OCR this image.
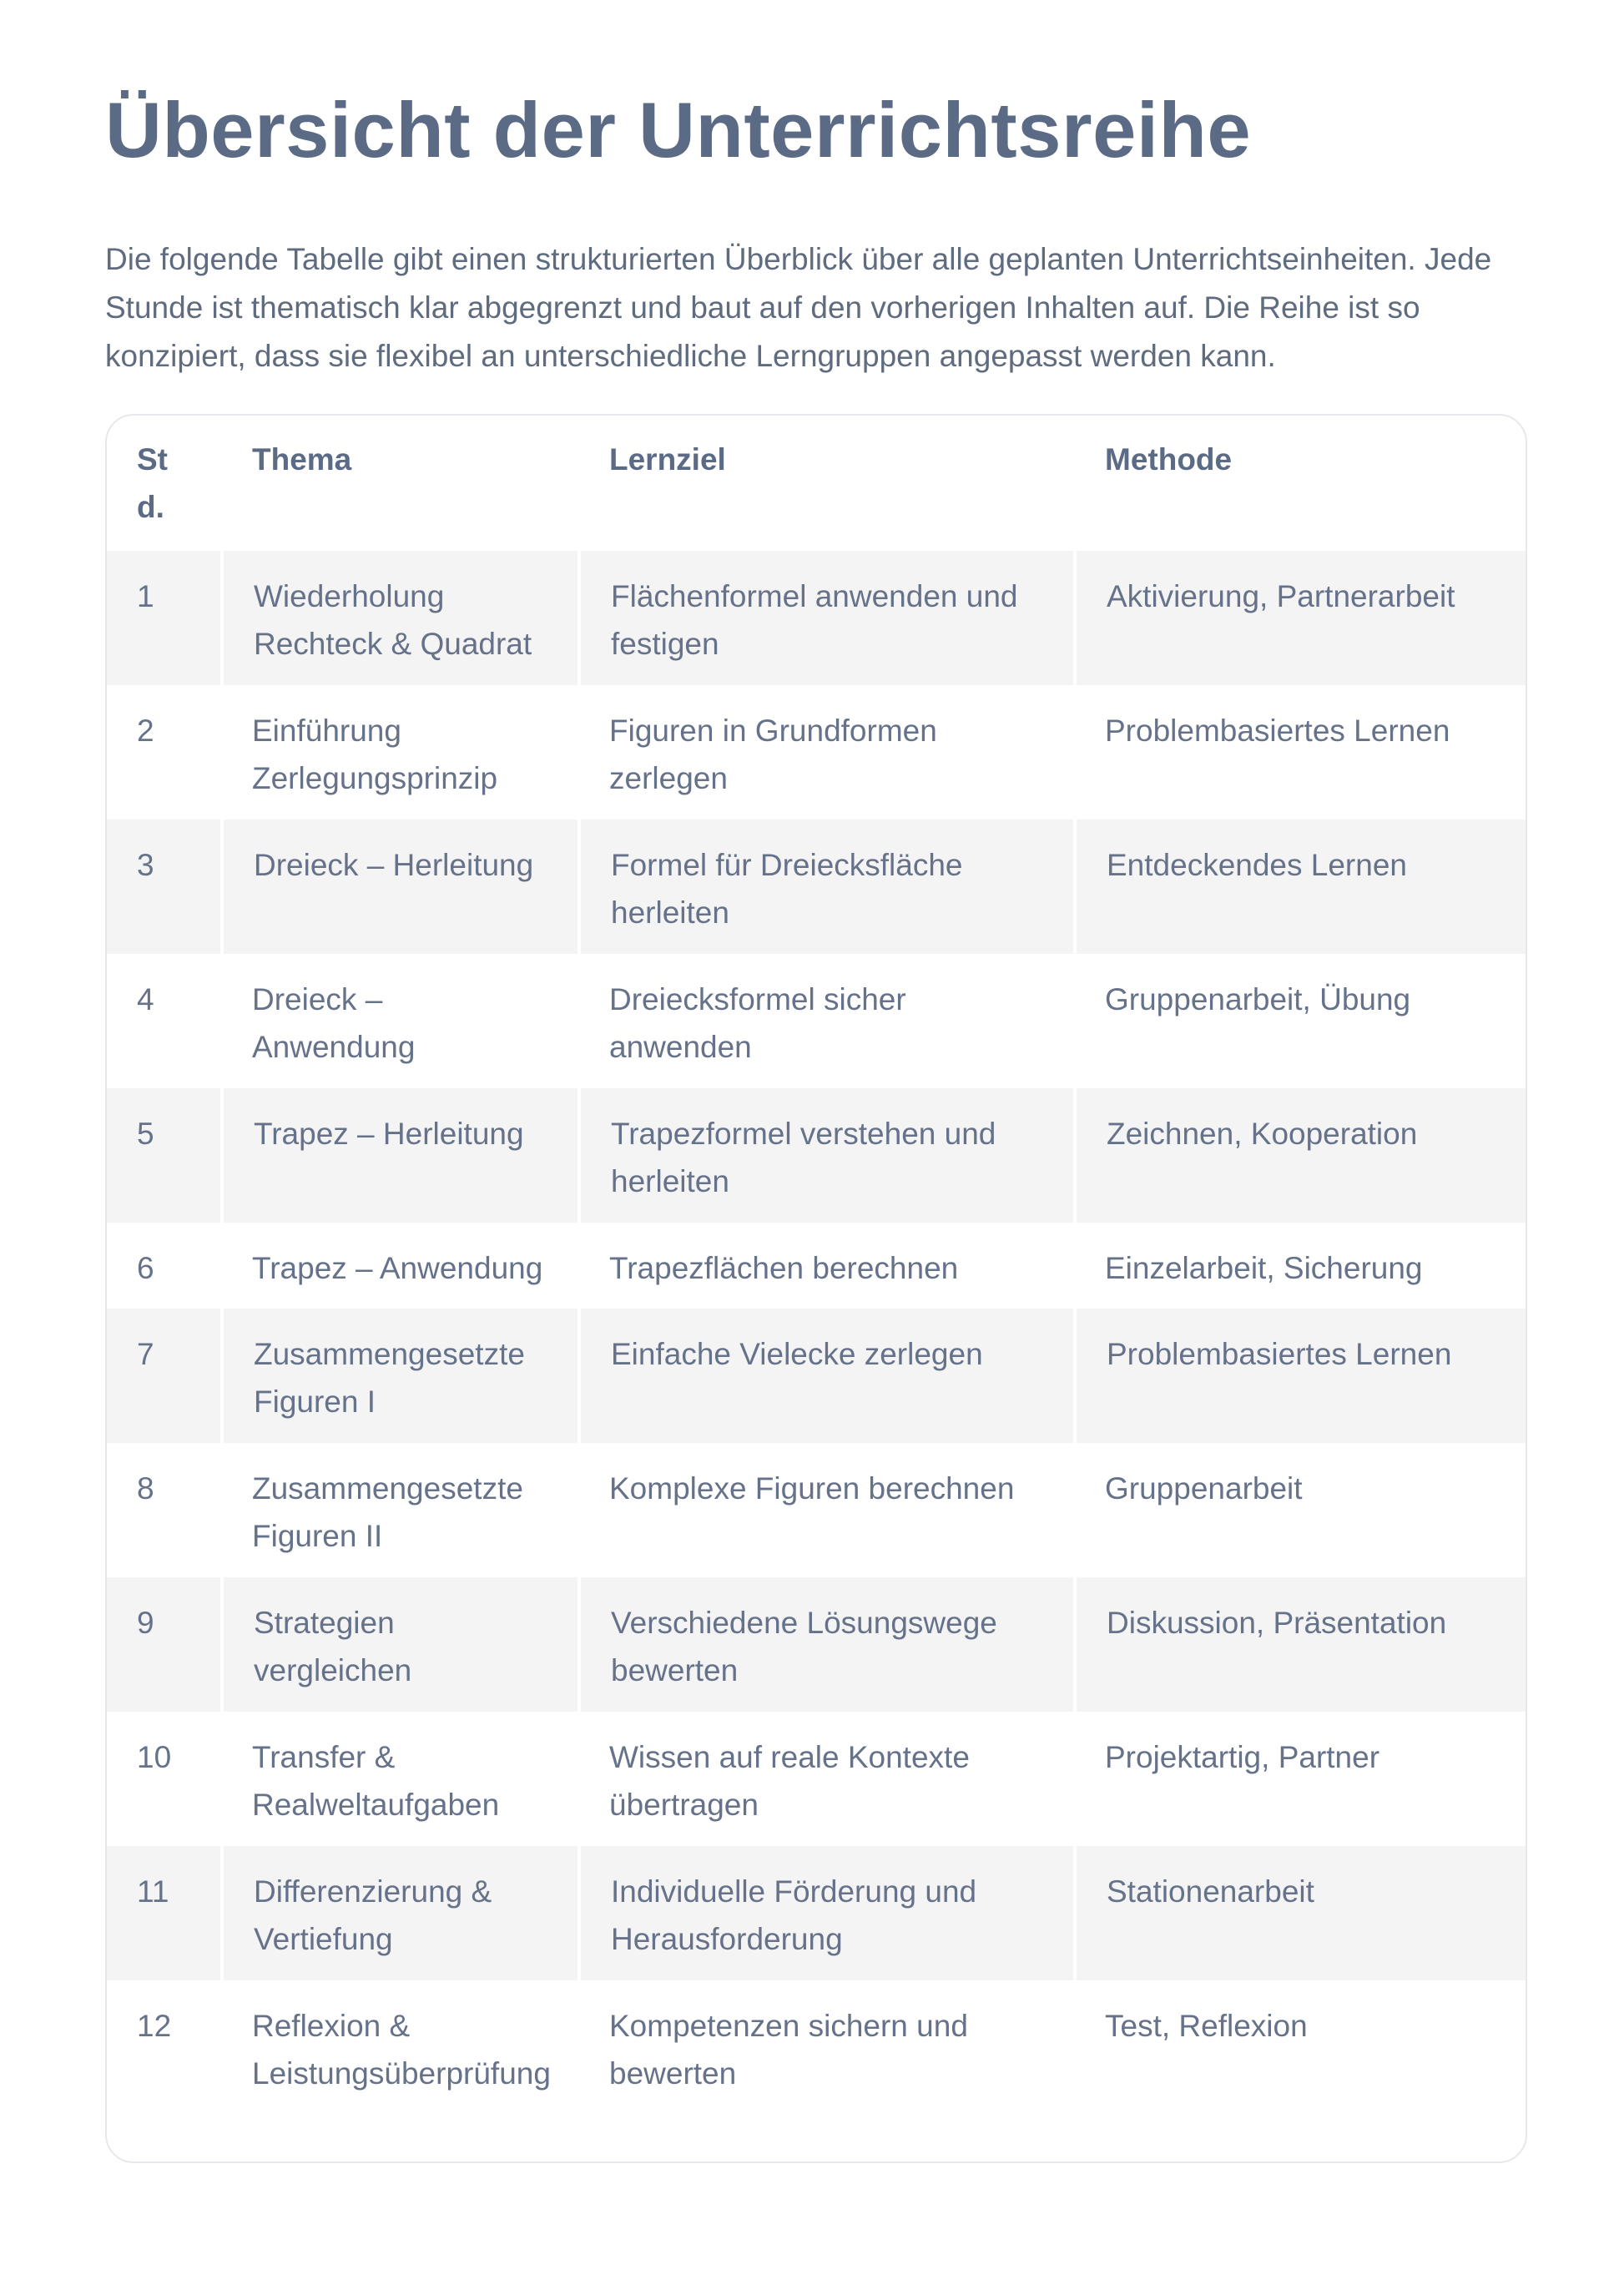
Übersicht der Unterrichtsreihe

Die folgende Tabelle gibt einen strukturierten Überblick über alle geplanten Unterrichtseinheiten. Jede Stunde ist thematisch klar abgegrenzt und baut auf den vorherigen Inhalten auf. Die Reihe ist so konzipiert, dass sie flexibel an unterschiedliche Lerngruppen angepasst werden kann.

Std.	Thema	Lernziel	Methode
1	Wiederholung Rechteck & Quadrat	Flächenformel anwenden und festigen	Aktivierung, Partnerarbeit
2	Einführung Zerlegungsprinzip	Figuren in Grundformen zerlegen	Problembasiertes Lernen
3	Dreieck – Herleitung	Formel für Dreiecksfläche herleiten	Entdeckendes Lernen
4	Dreieck – Anwendung	Dreiecksformel sicher anwenden	Gruppenarbeit, Übung
5	Trapez – Herleitung	Trapezformel verstehen und herleiten	Zeichnen, Kooperation
6	Trapez – Anwendung	Trapezflächen berechnen	Einzelarbeit, Sicherung
7	Zusammengesetzte Figuren I	Einfache Vielecke zerlegen	Problembasiertes Lernen
8	Zusammengesetzte Figuren II	Komplexe Figuren berechnen	Gruppenarbeit
9	Strategien vergleichen	Verschiedene Lösungswege bewerten	Diskussion, Präsentation
10	Transfer & Realweltaufgaben	Wissen auf reale Kontexte übertragen	Projektartig, Partner
11	Differenzierung & Vertiefung	Individuelle Förderung und Herausforderung	Stationenarbeit
12	Reflexion & Leistungsüberprüfung	Kompetenzen sichern und bewerten	Test, Reflexion
